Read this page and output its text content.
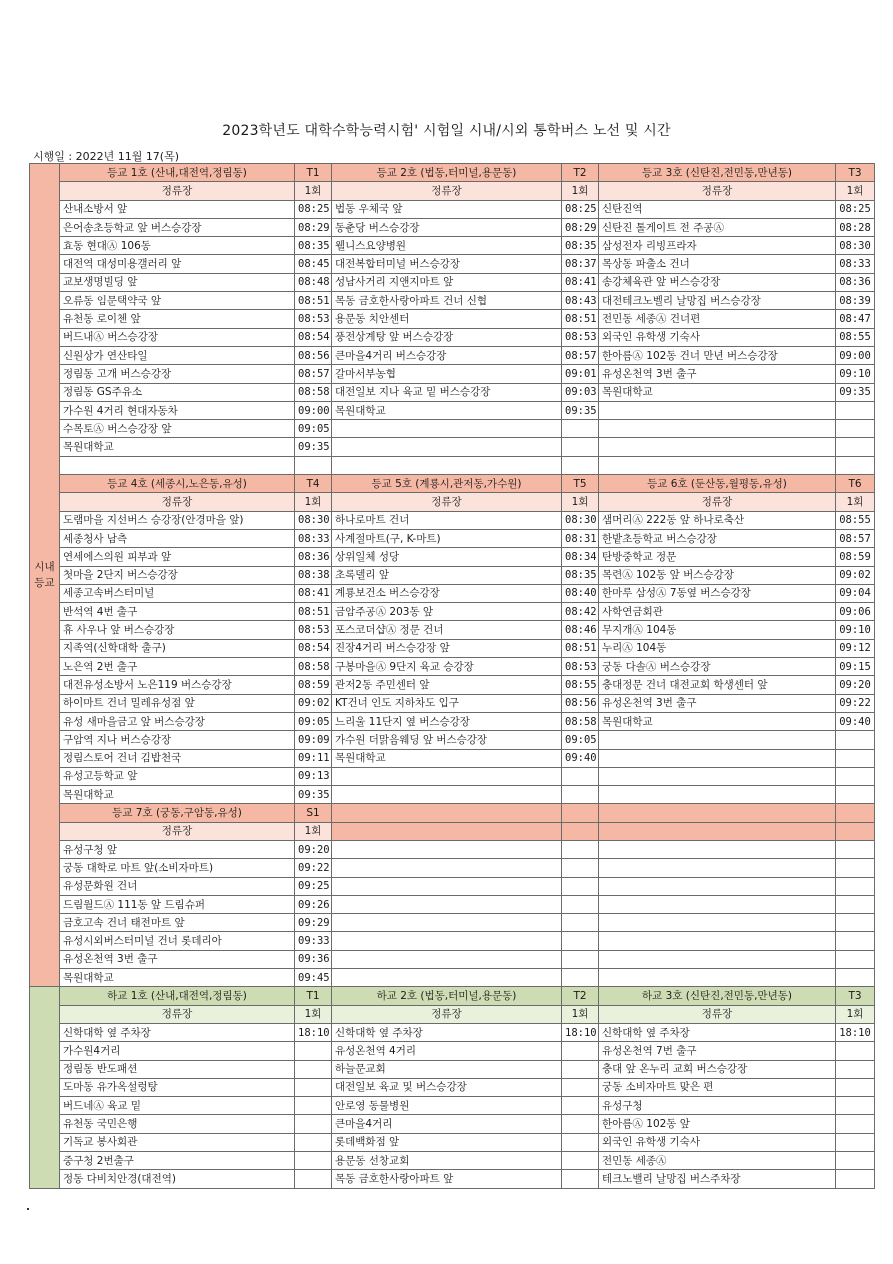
2023학년도 대학수학능력시험' 시험일 시내/시외 통학버스 노선 및 시간
시행일 : 2022년 11월 17(목)
시내 등교	등교 1호 (산내,대전역,정림동)	T1	등교 2호 (법동,터미널,용문동)	T2	등교 3호 (신탄진,전민동,만년동)	T3
	정류장	1회	정류장	1회	정류장	1회
	산내소방서 앞	08:25	법동 우체국 앞	08:25	신탄진역	08:25
	은어송초등학교 앞 버스승강장	08:29	동춘당 버스승강장	08:29	신탄진 톨게이트 전 주공Ⓐ	08:28
	효동 현대Ⓐ 106동	08:35	웰니스요양병원	08:35	삼성전자 리빙프라자	08:30
	대전역 대성미용갤러리 앞	08:45	대전복합터미널 버스승강장	08:37	목상동 파출소 건너	08:33
	교보생명빌딩 앞	08:48	성남사거리 지앤지마트 앞	08:41	송강체육관 앞 버스승강장	08:36
	오류동 임문택약국 앞	08:51	목동 금호한사랑아파트 건너 신협	08:43	대전테크노벨리 날망집 버스승강장	08:39
	유천동 로이첸 앞	08:53	용문동 치안센터	08:51	전민동 세종Ⓐ 건너편	08:47
	버드내Ⓐ 버스승강장	08:54	풍전상계탕 앞 버스승강장	08:53	외국인 유학생 기숙사	08:55
	신원상가 연산타일	08:56	큰마을4거리 버스승강장	08:57	한아름Ⓐ 102동 건너 만년 버스승강장	09:00
	정림동 고개 버스승강장	08:57	갈마서부농협	09:01	유성온천역 3번 출구	09:10
	정림동 GS주유소	08:58	대전일보 지나 육교 밑 버스승강장	09:03	목원대학교	09:35
	가수원 4거리 현대자동차	09:00	목원대학교	09:35		
	수목토Ⓐ 버스승강장 앞	09:05				
	목원대학교	09:35				

	등교 4호 (세종시,노은동,유성)	T4	등교 5호 (계룡시,관저동,가수원)	T5	등교 6호 (둔산동,월평동,유성)	T6
	정류장	1회	정류장	1회	정류장	1회
	도램마을 지선버스 승강장(안경마을 앞)	08:30	하나로마트 건너	08:30	샘머리Ⓐ 222동 앞 하나로축산	08:55
	세종청사 남측	08:33	사계절마트(구, K-마트)	08:31	한밭초등학교 버스승강장	08:57
	연세에스의원 피부과 앞	08:36	상위일체 성당	08:34	탄방중학교 정문	08:59
	첫마을 2단지 버스승강장	08:38	초록델리 앞	08:35	목련Ⓐ 102동 앞 버스승강장	09:02
	세종고속버스터미널	08:41	계룡보건소 버스승강장	08:40	한마루 삼성Ⓐ 7동옆 버스승강장	09:04
	반석역 4번 출구	08:51	금암주공Ⓐ 203동 앞	08:42	사학연금회관	09:06
	휴 사우나 앞 버스승강장	08:53	포스코더샵Ⓐ 정문 건너	08:46	무지개Ⓐ 104동	09:10
	지족역(신학대학 출구)	08:54	진장4거리 버스승강장 앞	08:51	누리Ⓐ 104동	09:12
	노은역 2번 출구	08:58	구봉마을Ⓐ 9단지 육교 승강장	08:53	궁동 다솔Ⓐ 버스승강장	09:15
	대전유성소방서 노은119 버스승강장	08:59	관저2동 주민센터 앞	08:55	충대정문 건너 대전교회 학생센터 앞	09:20
	하이마트 건너 밀레유성점 앞	09:02	KT건너 인도 지하차도 입구	08:56	유성온천역 3번 출구	09:22
	유성 새마을금고 앞 버스승강장	09:05	느리울 11단지 옆 버스승강장	08:58	목원대학교	09:40
	구암역 지나 버스승강장	09:09	가수원 더맑음웨딩 앞 버스승강장	09:05		
	정림스토어 건너 김밥천국	09:11	목원대학교	09:40		
	유성고등학교 앞	09:13				
	목원대학교	09:35				
	등교 7호 (궁동,구암동,유성)	S1				
	정류장	1회				
	유성구청 앞	09:20				
	궁동 대학로 마트 앞(소비자마트)	09:22				
	유성문화원 건너	09:25				
	드림월드Ⓐ 111동 앞 드림슈퍼	09:26				
	금호고속 건너 태전마트 앞	09:29				
	유성시외버스터미널 건너 롯데리아	09:33				
	유성온천역 3번 출구	09:36				
	목원대학교	09:45				
	하교 1호 (산내,대전역,정림동)	T1	하교 2호 (법동,터미널,용문동)	T2	하교 3호 (신탄진,전민동,만년동)	T3
	정류장	1회	정류장	1회	정류장	1회
	신학대학 옆 주차장	18:10	신학대학 옆 주차장	18:10	신학대학 옆 주차장	18:10
	가수원4거리		유성온천역 4거리		유성온천역 7번 출구	
	정림동 반도패션		하늘문교회		충대 앞 온누리 교회 버스승강장	
	도마동 유가옥설렁탕		대전일보 육교 및 버스승강장		궁동 소비자마트 맞은 편	
	버드네Ⓐ 육교 밑		안로영 동물병원		유성구청	
	유천동 국민은행		큰마을4거리		한아름Ⓐ 102동 앞	
	기독교 봉사회관		롯데백화점 앞		외국인 유학생 기숙사	
	중구청 2번출구		용문동 선창교회		전민동 세종Ⓐ	
	정동 다비치안경(대전역)		목동 금호한사랑아파트 앞		테크노밸리 날망집 버스주차장	
